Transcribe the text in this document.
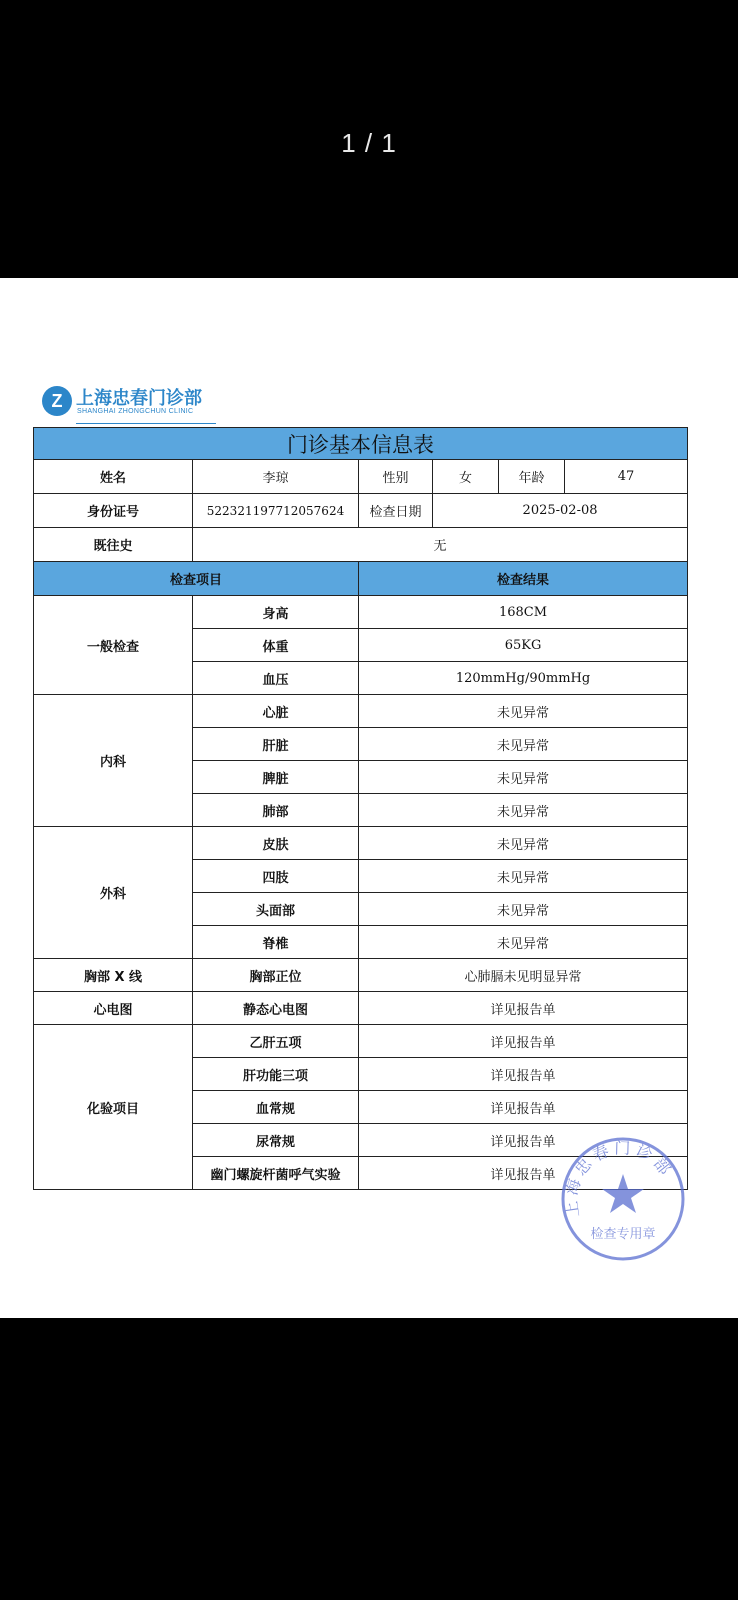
1 / 1
Z 上海忠春门诊部
SHANGHAI ZHONGCHUN CLINIC
门诊基本信息表					
姓名	李琼	性别	女	年龄	47
身份证号	522321197712057624	检查日期	2025-02-08		
既往史	无				
检查项目		检查结果			
一般检查	身高	168CM			
	体重	65KG			
	血压	120mmHg/90mmHg			
内科	心脏	未见异常			
	肝脏	未见异常			
	脾脏	未见异常			
	肺部	未见异常			
外科	皮肤	未见异常			
	四肢	未见异常			
	头面部	未见异常			
	脊椎	未见异常			
胸部 X 线	胸部正位	心肺膈未见明显异常			
心电图	静态心电图	详见报告单			
化验项目	乙肝五项	详见报告单			
	肝功能三项	详见报告单			
	血常规	详见报告单			
	尿常规	详见报告单			
	幽门螺旋杆菌呼气实验	详见报告单			
上海忠春门诊部
检查专用章
